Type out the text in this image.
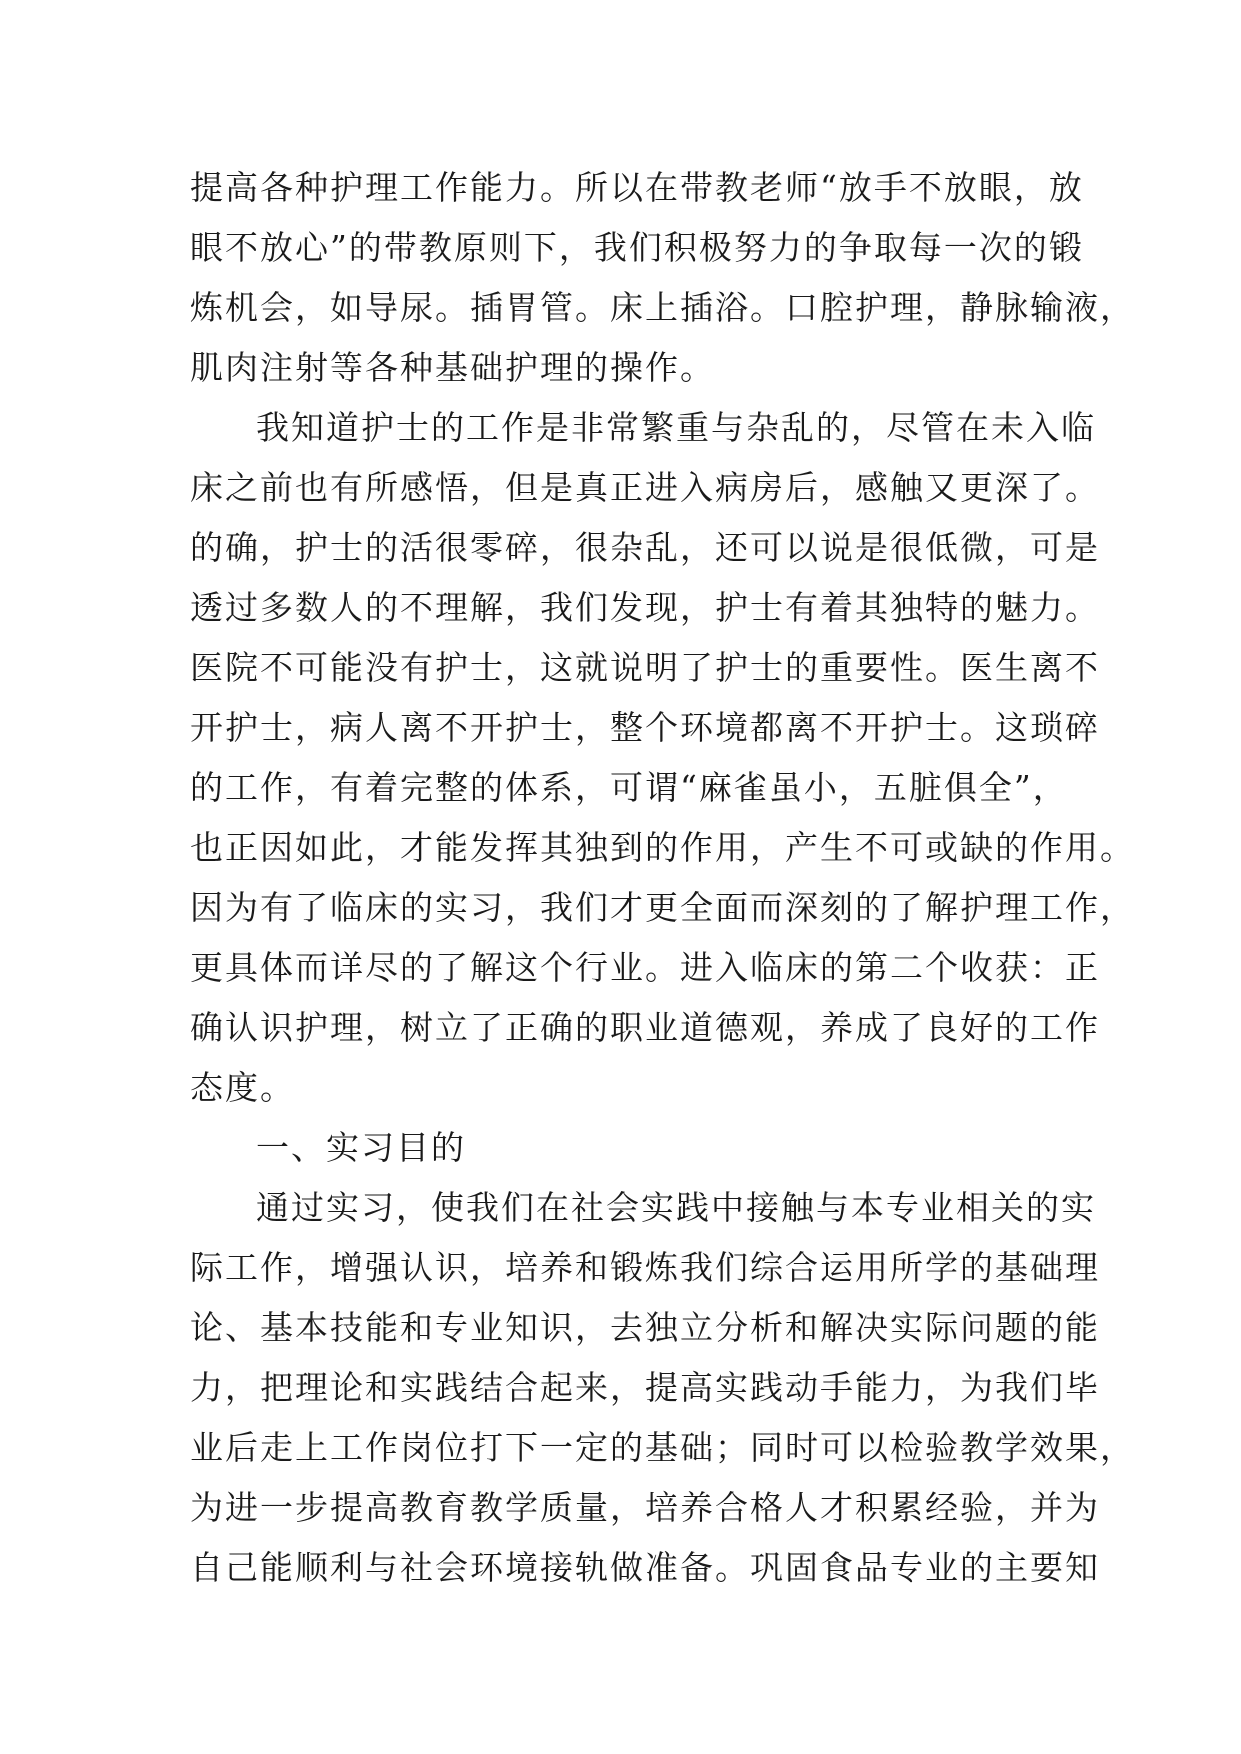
提高各种护理工作能力。所以在带教老师“放手不放眼，放
眼不放心”的带教原则下，我们积极努力的争取每一次的锻
炼机会，如导尿。插胃管。床上插浴。口腔护理，静脉输液，
肌肉注射等各种基础护理的操作。
我知道护士的工作是非常繁重与杂乱的，尽管在未入临
床之前也有所感悟，但是真正进入病房后，感触又更深了。
的确，护士的活很零碎，很杂乱，还可以说是很低微，可是
透过多数人的不理解，我们发现，护士有着其独特的魅力。
医院不可能没有护士，这就说明了护士的重要性。医生离不
开护士，病人离不开护士，整个环境都离不开护士。这琐碎
的工作，有着完整的体系，可谓“麻雀虽小，五脏俱全”，
也正因如此，才能发挥其独到的作用，产生不可或缺的作用。
因为有了临床的实习，我们才更全面而深刻的了解护理工作，
更具体而详尽的了解这个行业。进入临床的第二个收获：正
确认识护理，树立了正确的职业道德观，养成了良好的工作
态度。
一、实习目的
通过实习，使我们在社会实践中接触与本专业相关的实
际工作，增强认识，培养和锻炼我们综合运用所学的基础理
论、基本技能和专业知识，去独立分析和解决实际问题的能
力，把理论和实践结合起来，提高实践动手能力，为我们毕
业后走上工作岗位打下一定的基础；同时可以检验教学效果，
为进一步提高教育教学质量，培养合格人才积累经验，并为
自己能顺利与社会环境接轨做准备。巩固食品专业的主要知
